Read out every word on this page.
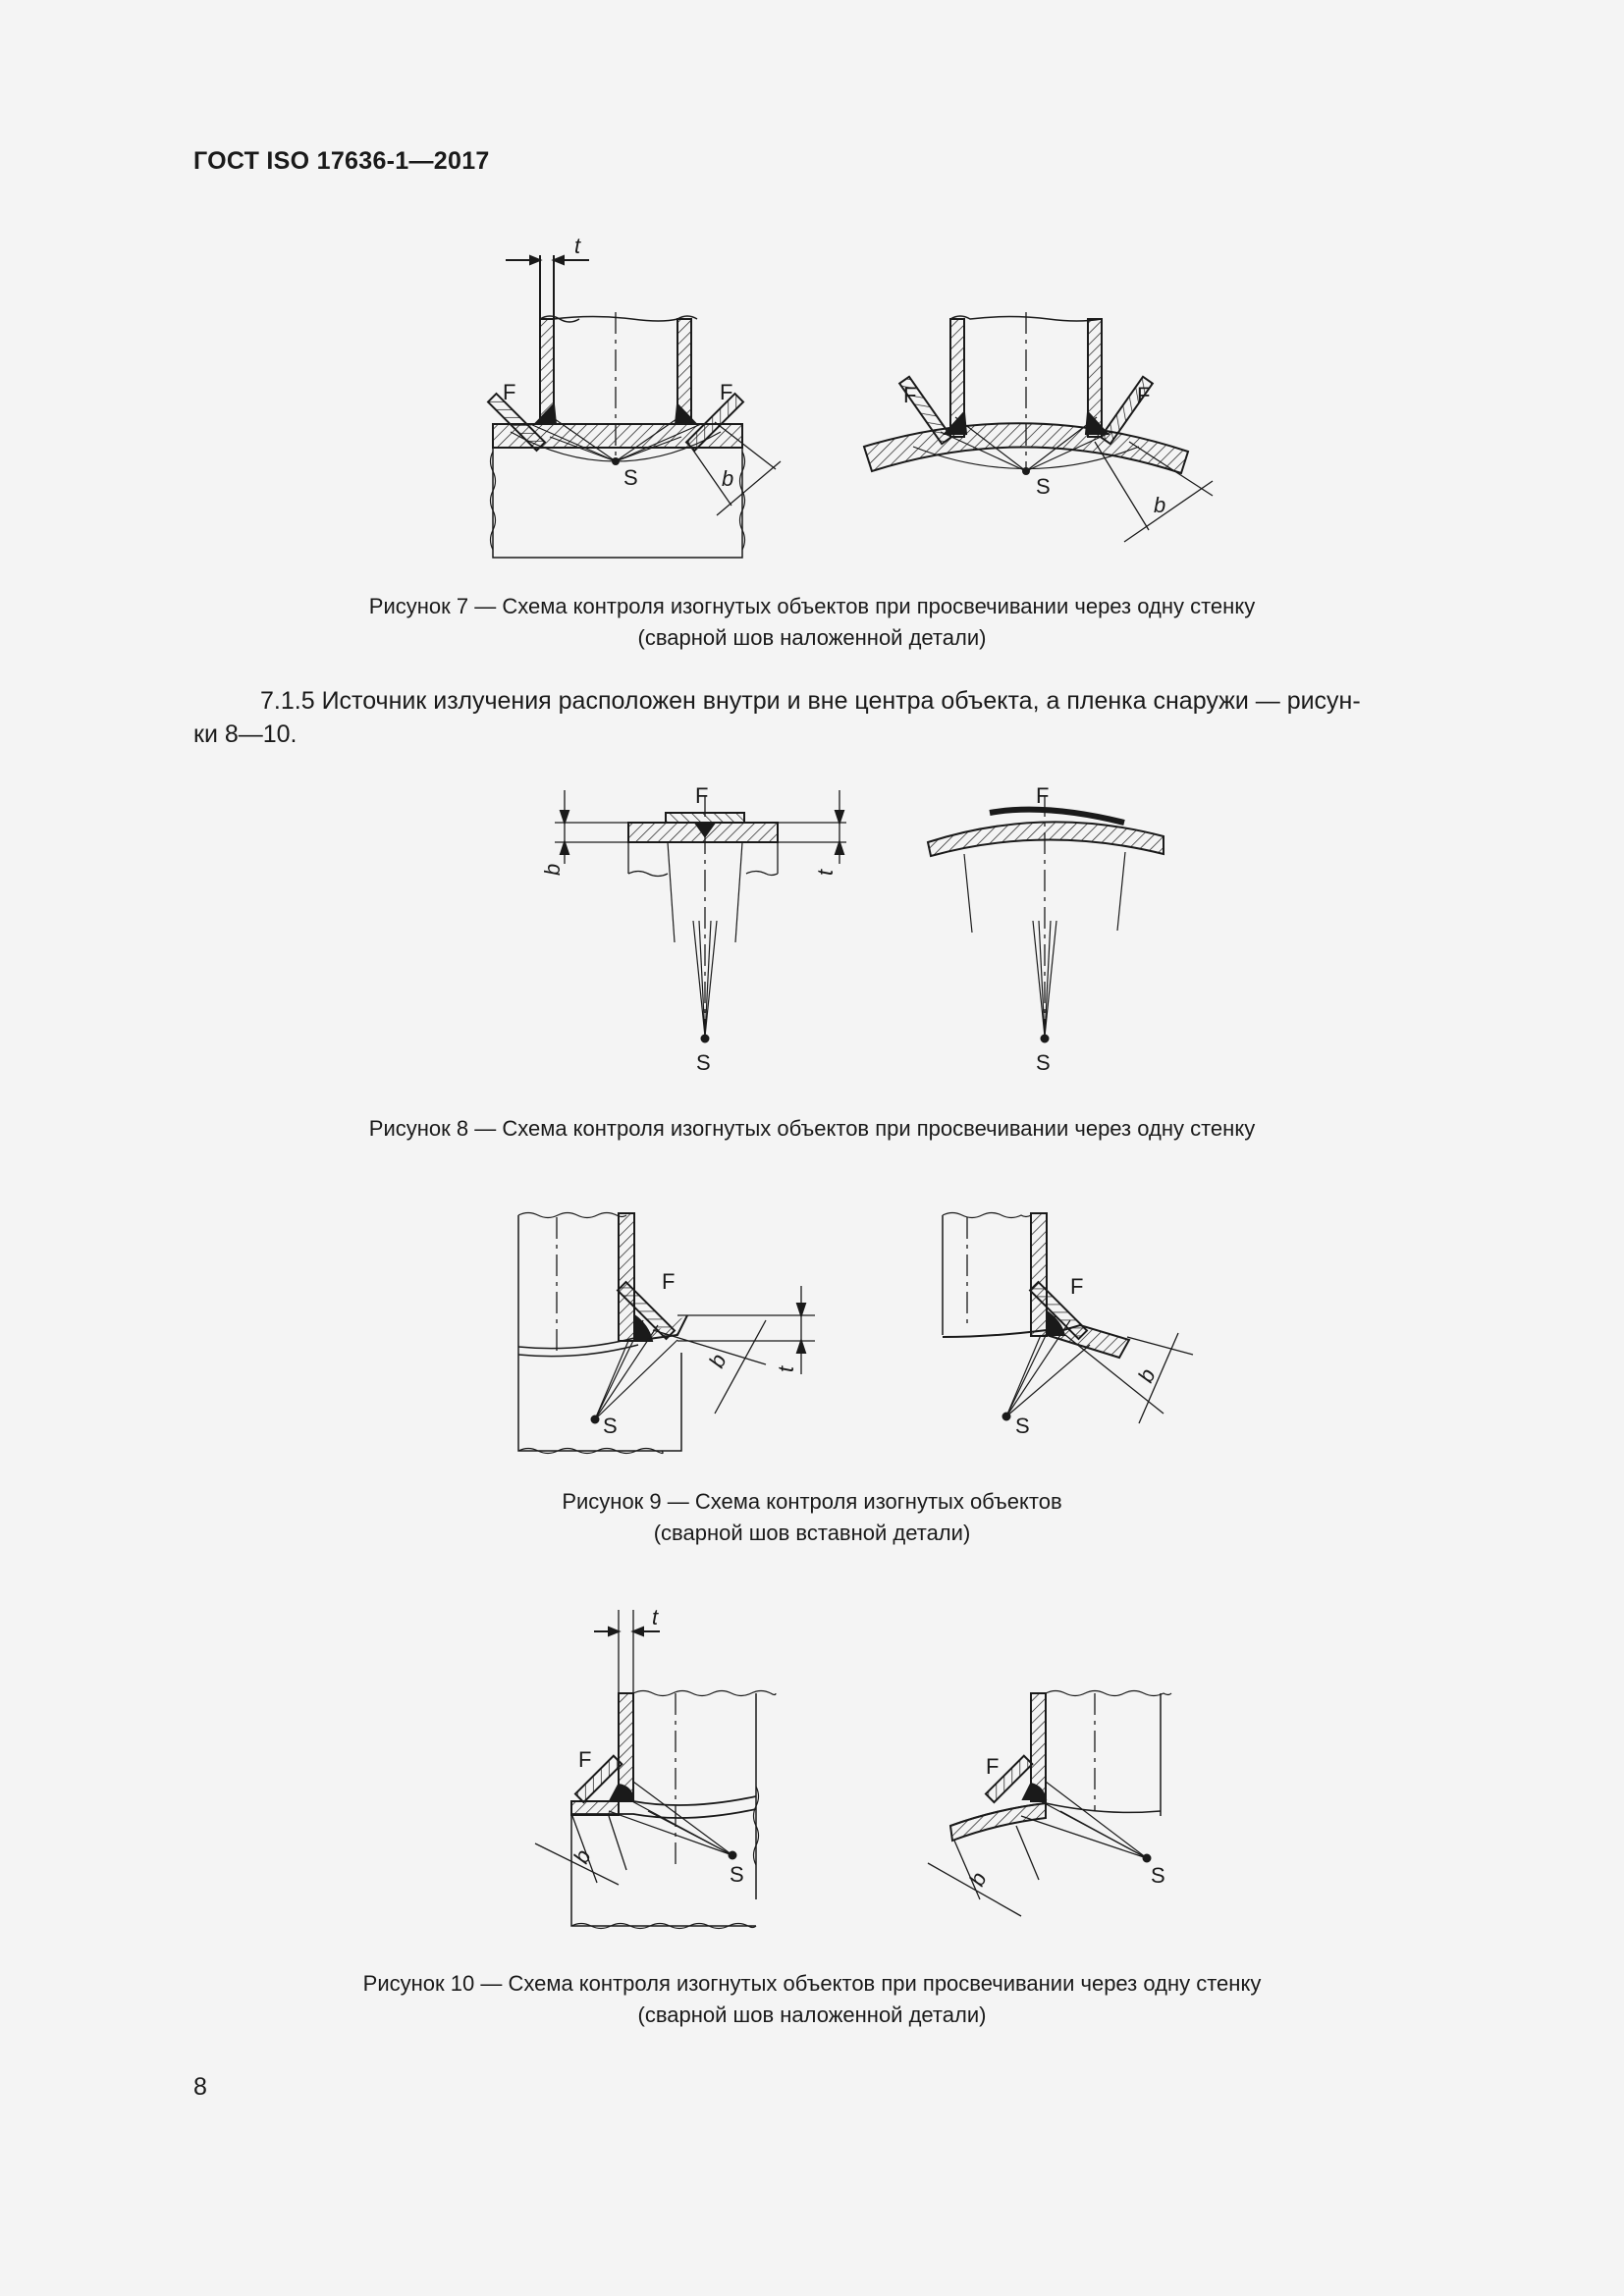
ГОСТ ISO 17636-1—2017
F	F
S
t
b
F	F
S
b
F
S
b	t
F
S
F
S
b t
F
S
b
t
F
S
b
F
S
b
Рисунок 7 — Схема контроля изогнутых объектов при просвечивании через одну стенку
(сварной шов наложенной детали)
7.1.5 Источник излучения расположен внутри и вне центра объекта, а пленка снаружи — рисун-
ки 8—10.
Рисунок 8 — Схема контроля изогнутых объектов при просвечивании через одну стенку
Рисунок 9 — Схема контроля изогнутых объектов
(сварной шов вставной детали)
Рисунок 10 — Схема контроля изогнутых объектов при просвечивании через одну стенку
(сварной шов наложенной детали)
8
